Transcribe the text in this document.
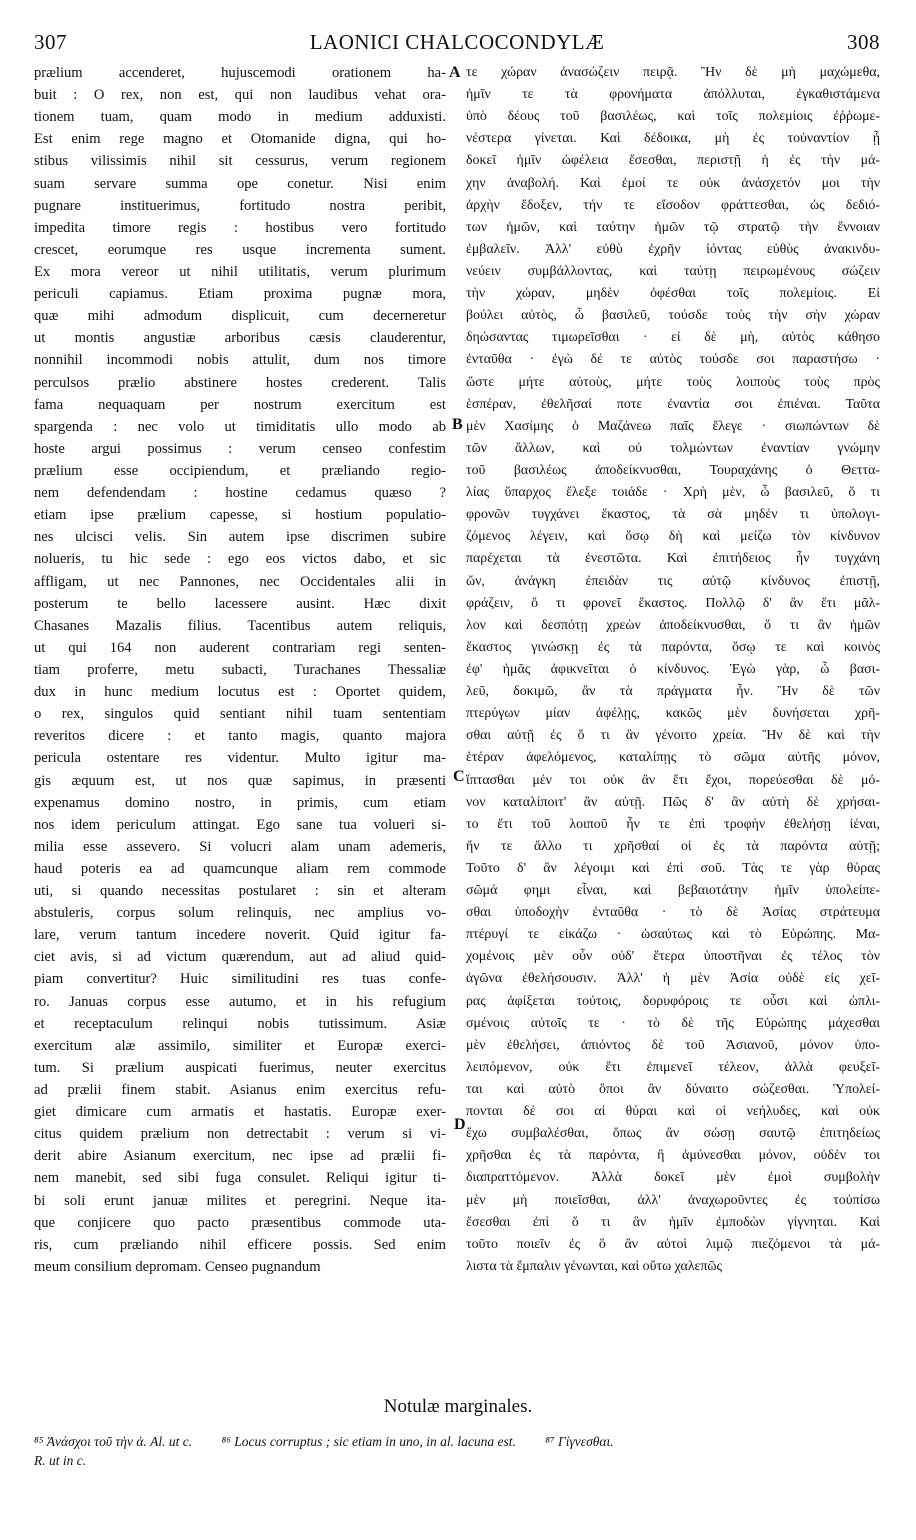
307	LAONICI CHALCOCONDYLÆ	308
prælium accenderet, hujuscemodi orationem ha-
buit : O rex, non est, qui non laudibus vehat ora-
tionem tuam, quam modo in medium adduxisti.
Est enim rege magno et Otomanide digna, qui ho-
stibus vilissimis nihil sit cessurus, verum regionem
suam servare summa ope conetur. Nisi enim
pugnare instituerimus, fortitudo nostra peribit,
impedita timore regis : hostibus vero fortitudo
crescet, eorumque res usque incrementa sument.
Ex mora vereor ut nihil utilitatis, verum plurimum
periculi capiamus. Etiam proxima pugnæ mora,
quæ mihi admodum displicuit, cum decerneretur
ut montis angustiæ arboribus cæsis clauderentur,
nonnihil incommodi nobis attulit, dum nos timore
perculsos prælio abstinere hostes crederent. Talis
fama nequaquam per nostrum exercitum est
spargenda : nec volo ut timiditatis ullo modo ab
hoste argui possimus : verum censeo confestim
prælium esse occipiendum, et præliando regio-
nem defendendam : hostine cedamus quæso ?
etiam ipse prælium capesse, si hostium populatio-
nes ulcisci velis. Sin autem ipse discrimen subire
nolueris, tu hic sede : ego eos victos dabo, et sic
affligam, ut nec Pannones, nec Occidentales alii in
posterum te bello lacessere ausint. Hæc dixit
Chasanes Mazalis filius. Tacentibus autem reliquis,
ut qui 164 non auderent contrariam regi senten-
tiam proferre, metu subacti, Turachanes Thessaliæ
dux in hunc medium locutus est : Oportet quidem,
o rex, singulos quid sentiant nihil tuam sententiam
reveritos dicere : et tanto magis, quanto majora
pericula ostentare res videntur. Multo igitur ma-
gis æquum est, ut nos quæ sapimus, in præsenti
expenamus domino nostro, in primis, cum etiam
nos idem periculum attingat. Ego sane tua volueri si-
milia esse assevero. Si volucri alam unam ademeris,
haud poteris ea ad quamcunque aliam rem commode
uti, si quando necessitas postularet : sin et alteram
abstuleris, corpus solum relinquis, nec amplius vo-
lare, verum tantum incedere noverit. Quid igitur fa-
ciet avis, si ad victum quærendum, aut ad aliud quid-
piam convertitur? Huic similitudini res tuas confe-
ro. Januas corpus esse autumo, et in his refugium
et receptaculum relinqui nobis tutissimum. Asiæ
exercitum alæ assimilo, similiter et Europæ exerci-
tum. Si prælium auspicati fuerimus, neuter exercitus
ad prælii finem stabit. Asianus enim exercitus refu-
giet dimicare cum armatis et hastatis. Europæ exer-
citus quidem prælium non detrectabit : verum si vi-
derit abire Asianum exercitum, nec ipse ad prælii fi-
nem manebit, sed sibi fuga consulet. Reliqui igitur ti-
bi soli erunt januæ milites et peregrini. Neque ita-
que conjicere quo pacto præsentibus commode uta-
ris, cum præliando nihil efficere possis. Sed enim
meum consilium depromam. Censeo pugnandum
A
B
C
D
τε χώραν ἀνασώζειν πειρᾷ. Ἢν δὲ μὴ μαχώμεθα,
ἡμῖν τε τὰ φρονήματα ἀπόλλυται, ἐγκαθιστάμενα
ὑπὸ δέους τοῦ βασιλέως, καὶ τοῖς πολεμίοις ἐῤῥωμε-
νέστερα γίνεται. Καὶ δέδοικα, μὴ ἐς τοὐναντίον ᾖ
δοκεῖ ἡμῖν ὠφέλεια ἔσεσθαι, περιστῇ ἡ ἐς τὴν μά-
χην ἀναβολή. Καὶ ἐμοί τε οὐκ ἀνάσχετόν μοι τὴν
ἀρχὴν ἔδοξεν, τήν τε εἴσοδον φράττεσθαι, ὡς δεδιό-
των ἡμῶν, καὶ ταύτην ἡμῶν τῷ στρατῷ τὴν ἔννοιαν
ἐμβαλεῖν. Ἀλλ' εὐθὺ ἐχρῆν ἰόντας εὐθὺς ἀνακινδυ-
νεύειν συμβάλλοντας, καὶ ταύτῃ πειρωμένους σώζειν
τὴν χώραν, μηδὲν ὀφέσθαι τοῖς πολεμίοις. Εἰ
βούλει αὐτὸς, ὦ βασιλεῦ, τούσδε τοὺς τὴν σὴν χώραν
δηώσαντας τιμωρεῖσθαι · εἰ δὲ μὴ, αὐτὸς κάθησο
ἐνταῦθα · ἐγὼ δέ τε αὐτὸς τούσδε σοι παραστήσω ·
ὥστε μήτε αὐτοὺς, μήτε τοὺς λοιποὺς τοὺς πρὸς
ἑσπέραν, ἐθελῆσαί ποτε ἐναντία σοι ἐπιέναι. Ταῦτα
μὲν Χασίμης ὁ Μαζάνεω παῖς ἔλεγε · σιωπώντων δὲ
τῶν ἄλλων, καὶ οὐ τολμώντων ἐναντίαν γνώμην
τοῦ βασιλέως ἀποδείκνυσθαι, Τουραχάνης ὁ Θεττα-
λίας ὕπαρχος ἔλεξε τοιάδε · Χρὴ μὲν, ὦ βασιλεῦ, ὅ τι
φρονῶν τυγχάνει ἕκαστος, τὰ σὰ μηδέν τι ὑπολογι-
ζόμενος λέγειν, καὶ ὅσῳ δὴ καὶ μείζω τὸν κίνδυνον
παρέχεται τὰ ἐνεστῶτα. Καὶ ἐπιτήδειος ἦν τυγχάνη
ὤν, ἀνάγκη ἐπειδὰν τις αὐτῷ κίνδυνος ἐπιστῇ,
φράζειν, ὅ τι φρονεῖ ἕκαστος. Πολλῷ δ' ἂν ἔτι μᾶλ-
λον καὶ δεσπότῃ χρεὼν ἀποδείκνυσθαι, ὅ τι ἂν ἡμῶν
ἕκαστος γινώσκῃ ἐς τὰ παρόντα, ὅσῳ τε καὶ κοινὸς
ἐφ' ἡμᾶς ἀφικνεῖται ὁ κίνδυνος. Ἐγὼ γὰρ, ὦ βασι-
λεῦ, δοκιμῶ, ἄν τὰ πράγματα ἦν. Ἢν δὲ τῶν
πτερύγων μίαν ἀφέλῃς, κακῶς μὲν δυνήσεται χρῆ-
σθαι αὐτῇ ἐς ὅ τι ἂν γένοιτο χρεία. Ἢν δὲ καὶ τὴν
ἑτέραν ἀφελόμενος, καταλίπῃς τὸ σῶμα αὐτῆς μόνον,
ἵπτασθαι μέν τοι οὐκ ἂν ἔτι ἔχοι, πορεύεσθαι δὲ μό-
νον καταλίποιτ' ἂν αὐτῇ. Πῶς δ' ἂν αὐτὴ δὲ χρήσαι-
το ἔτι τοῦ λοιποῦ ἦν τε ἐπὶ τροφὴν ἐθελήσῃ ἰέναι,
ἤν τε ἄλλο τι χρῆσθαί οἱ ἐς τὰ παρόντα αὐτῇ;
Τοῦτο δ' ἂν λέγοιμι καὶ ἐπὶ σοῦ. Τὰς τε γὰρ θύρας
σῶμά φημι εἶναι, καὶ βεβαιοτάτην ἡμῖν ὑπολείπε-
σθαι ὑποδοχὴν ἐνταῦθα · τὸ δὲ Ἀσίας στράτευμα
πτέρυγί τε εἰκάζω · ὡσαύτως καὶ τὸ Εὐρώπης. Μα-
χομένοις μὲν οὖν οὐδ' ἕτερα ὑποστῆναι ἐς τέλος τὸν
ἀγῶνα ἐθελήσουσιν. Ἀλλ' ἡ μὲν Ἀσία οὐδὲ εἰς χεῖ-
ρας ἀφίξεται τούτοις, δορυφόροις τε οὖσι καὶ ὡπλι-
σμένοις αὐτοῖς τε · τὸ δὲ τῆς Εὐρώπης μάχεσθαι
μὲν ἐθελήσει, ἀπιόντος δὲ τοῦ Ἀσιανοῦ, μόνον ὑπο-
λειπόμενον, οὐκ ἔτι ἐπιμενεῖ τέλεον, ἀλλὰ φευξεῖ-
ται καὶ αὐτὸ ὅποι ἂν δύναιτο σώζεσθαι. Ὑπολεί-
πονται δέ σοι αἱ θύραι καὶ οἱ νεήλυδες, καὶ οὐκ
ἔχω συμβαλέσθαι, ὅπως ἂν σώσῃ σαυτῷ ἐπιτηδείως
χρῆσθαι ἐς τὰ παρόντα, ἢ ἀμύνεσθαι μόνον, οὐδὲν τοι
διαπραττόμενον. Ἀλλὰ δοκεῖ μὲν ἐμοὶ συμβολὴν
μὲν μὴ ποιεῖσθαι, ἀλλ' ἀναχωροῦντες ἐς τοὐπίσω
ἔσεσθαι ἐπὶ ὅ τι ἂν ἡμῖν ἐμποδὼν γίγνηται. Καὶ
τοῦτο ποιεῖν ἐς ὃ ἂν αὐτοὶ λιμῷ πιεζόμενοι τὰ μά-
λιστα τὰ ἔμπαλιν γένωνται, καὶ οὕτω χαλεπῶς
Notulæ marginales.
⁸⁵ Ἀνάσχοι τοῦ τὴν ἀ. Al. ut c. ⁸⁶ Locus corruptus ; sic etiam in uno, in al. lacuna est. ⁸⁷ Γίγνεσθαι.
R. ut in c.
